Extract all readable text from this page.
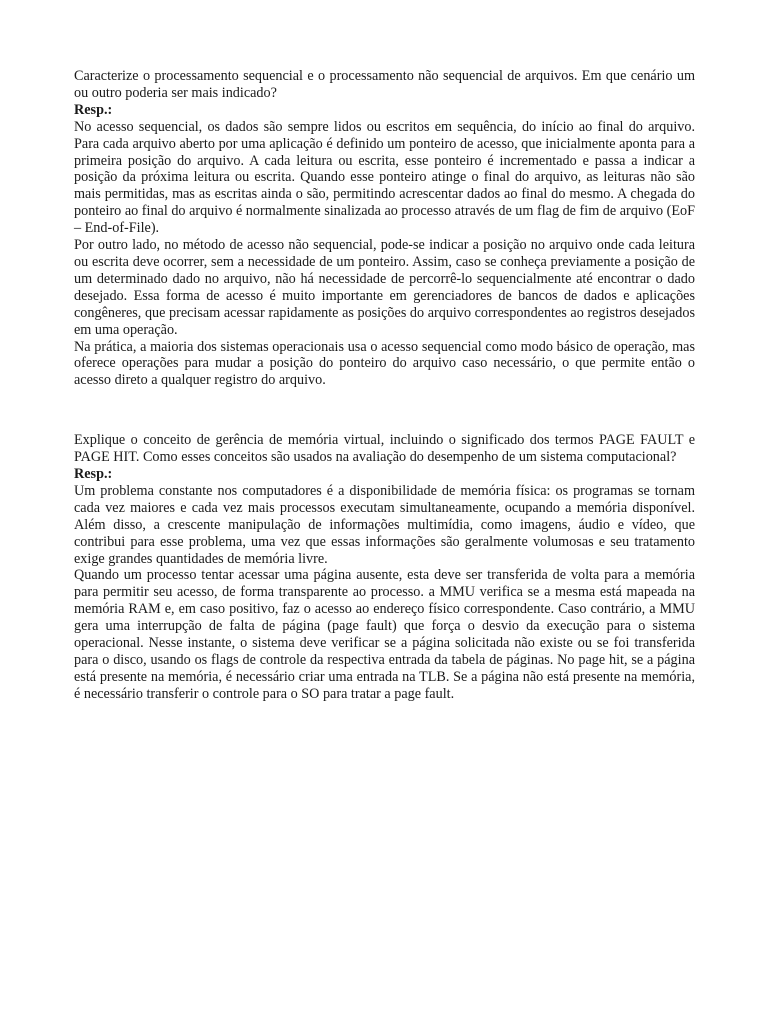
Caracterize o processamento sequencial e o processamento não sequencial de arquivos. Em que cenário um ou outro poderia ser mais indicado?

Resp.:

No acesso sequencial, os dados são sempre lidos ou escritos em sequência, do início ao final do arquivo. Para cada arquivo aberto por uma aplicação é definido um ponteiro de acesso, que inicialmente aponta para a primeira posição do arquivo. A cada leitura ou escrita, esse ponteiro é incrementado e passa a indicar a posição da próxima leitura ou escrita. Quando esse ponteiro atinge o final do arquivo, as leituras não são mais permitidas, mas as escritas ainda o são, permitindo acrescentar dados ao final do mesmo. A chegada do ponteiro ao final do arquivo é normalmente sinalizada ao processo através de um flag de fim de arquivo (EoF – End-of-File).

Por outro lado, no método de acesso não sequencial, pode-se indicar a posição no arquivo onde cada leitura ou escrita deve ocorrer, sem a necessidade de um ponteiro. Assim, caso se conheça previamente a posição de um determinado dado no arquivo, não há necessidade de percorrê-lo sequencialmente até encontrar o dado desejado. Essa forma de acesso é muito importante em gerenciadores de bancos de dados e aplicações congêneres, que precisam acessar rapidamente as posições do arquivo correspondentes ao registros desejados em uma operação.

Na prática, a maioria dos sistemas operacionais usa o acesso sequencial como modo básico de operação, mas oferece operações para mudar a posição do ponteiro do arquivo caso necessário, o que permite então o acesso direto a qualquer registro do arquivo.

Explique o conceito de gerência de memória virtual, incluindo o significado dos termos PAGE FAULT e PAGE HIT. Como esses conceitos são usados na avaliação do desempenho de um sistema computacional?

Resp.:

Um problema constante nos computadores é a disponibilidade de memória física: os programas se tornam cada vez maiores e cada vez mais processos executam simultaneamente, ocupando a memória disponível. Além disso, a crescente manipulação de informações multimídia, como imagens, áudio e vídeo, que contribui para esse problema, uma vez que essas informações são geralmente volumosas e seu tratamento exige grandes quantidades de memória livre.

Quando um processo tentar acessar uma página ausente, esta deve ser transferida de volta para a memória para permitir seu acesso, de forma transparente ao processo. a MMU verifica se a mesma está mapeada na memória RAM e, em caso positivo, faz o acesso ao endereço físico correspondente. Caso contrário, a MMU gera uma interrupção de falta de página (page fault) que força o desvio da execução para o sistema operacional. Nesse instante, o sistema deve verificar se a página solicitada não existe ou se foi transferida para o disco, usando os flags de controle da respectiva entrada da tabela de páginas. No page hit, se a página está presente na memória, é necessário criar uma entrada na TLB. Se a página não está presente na memória, é necessário transferir o controle para o SO para tratar a page fault.
